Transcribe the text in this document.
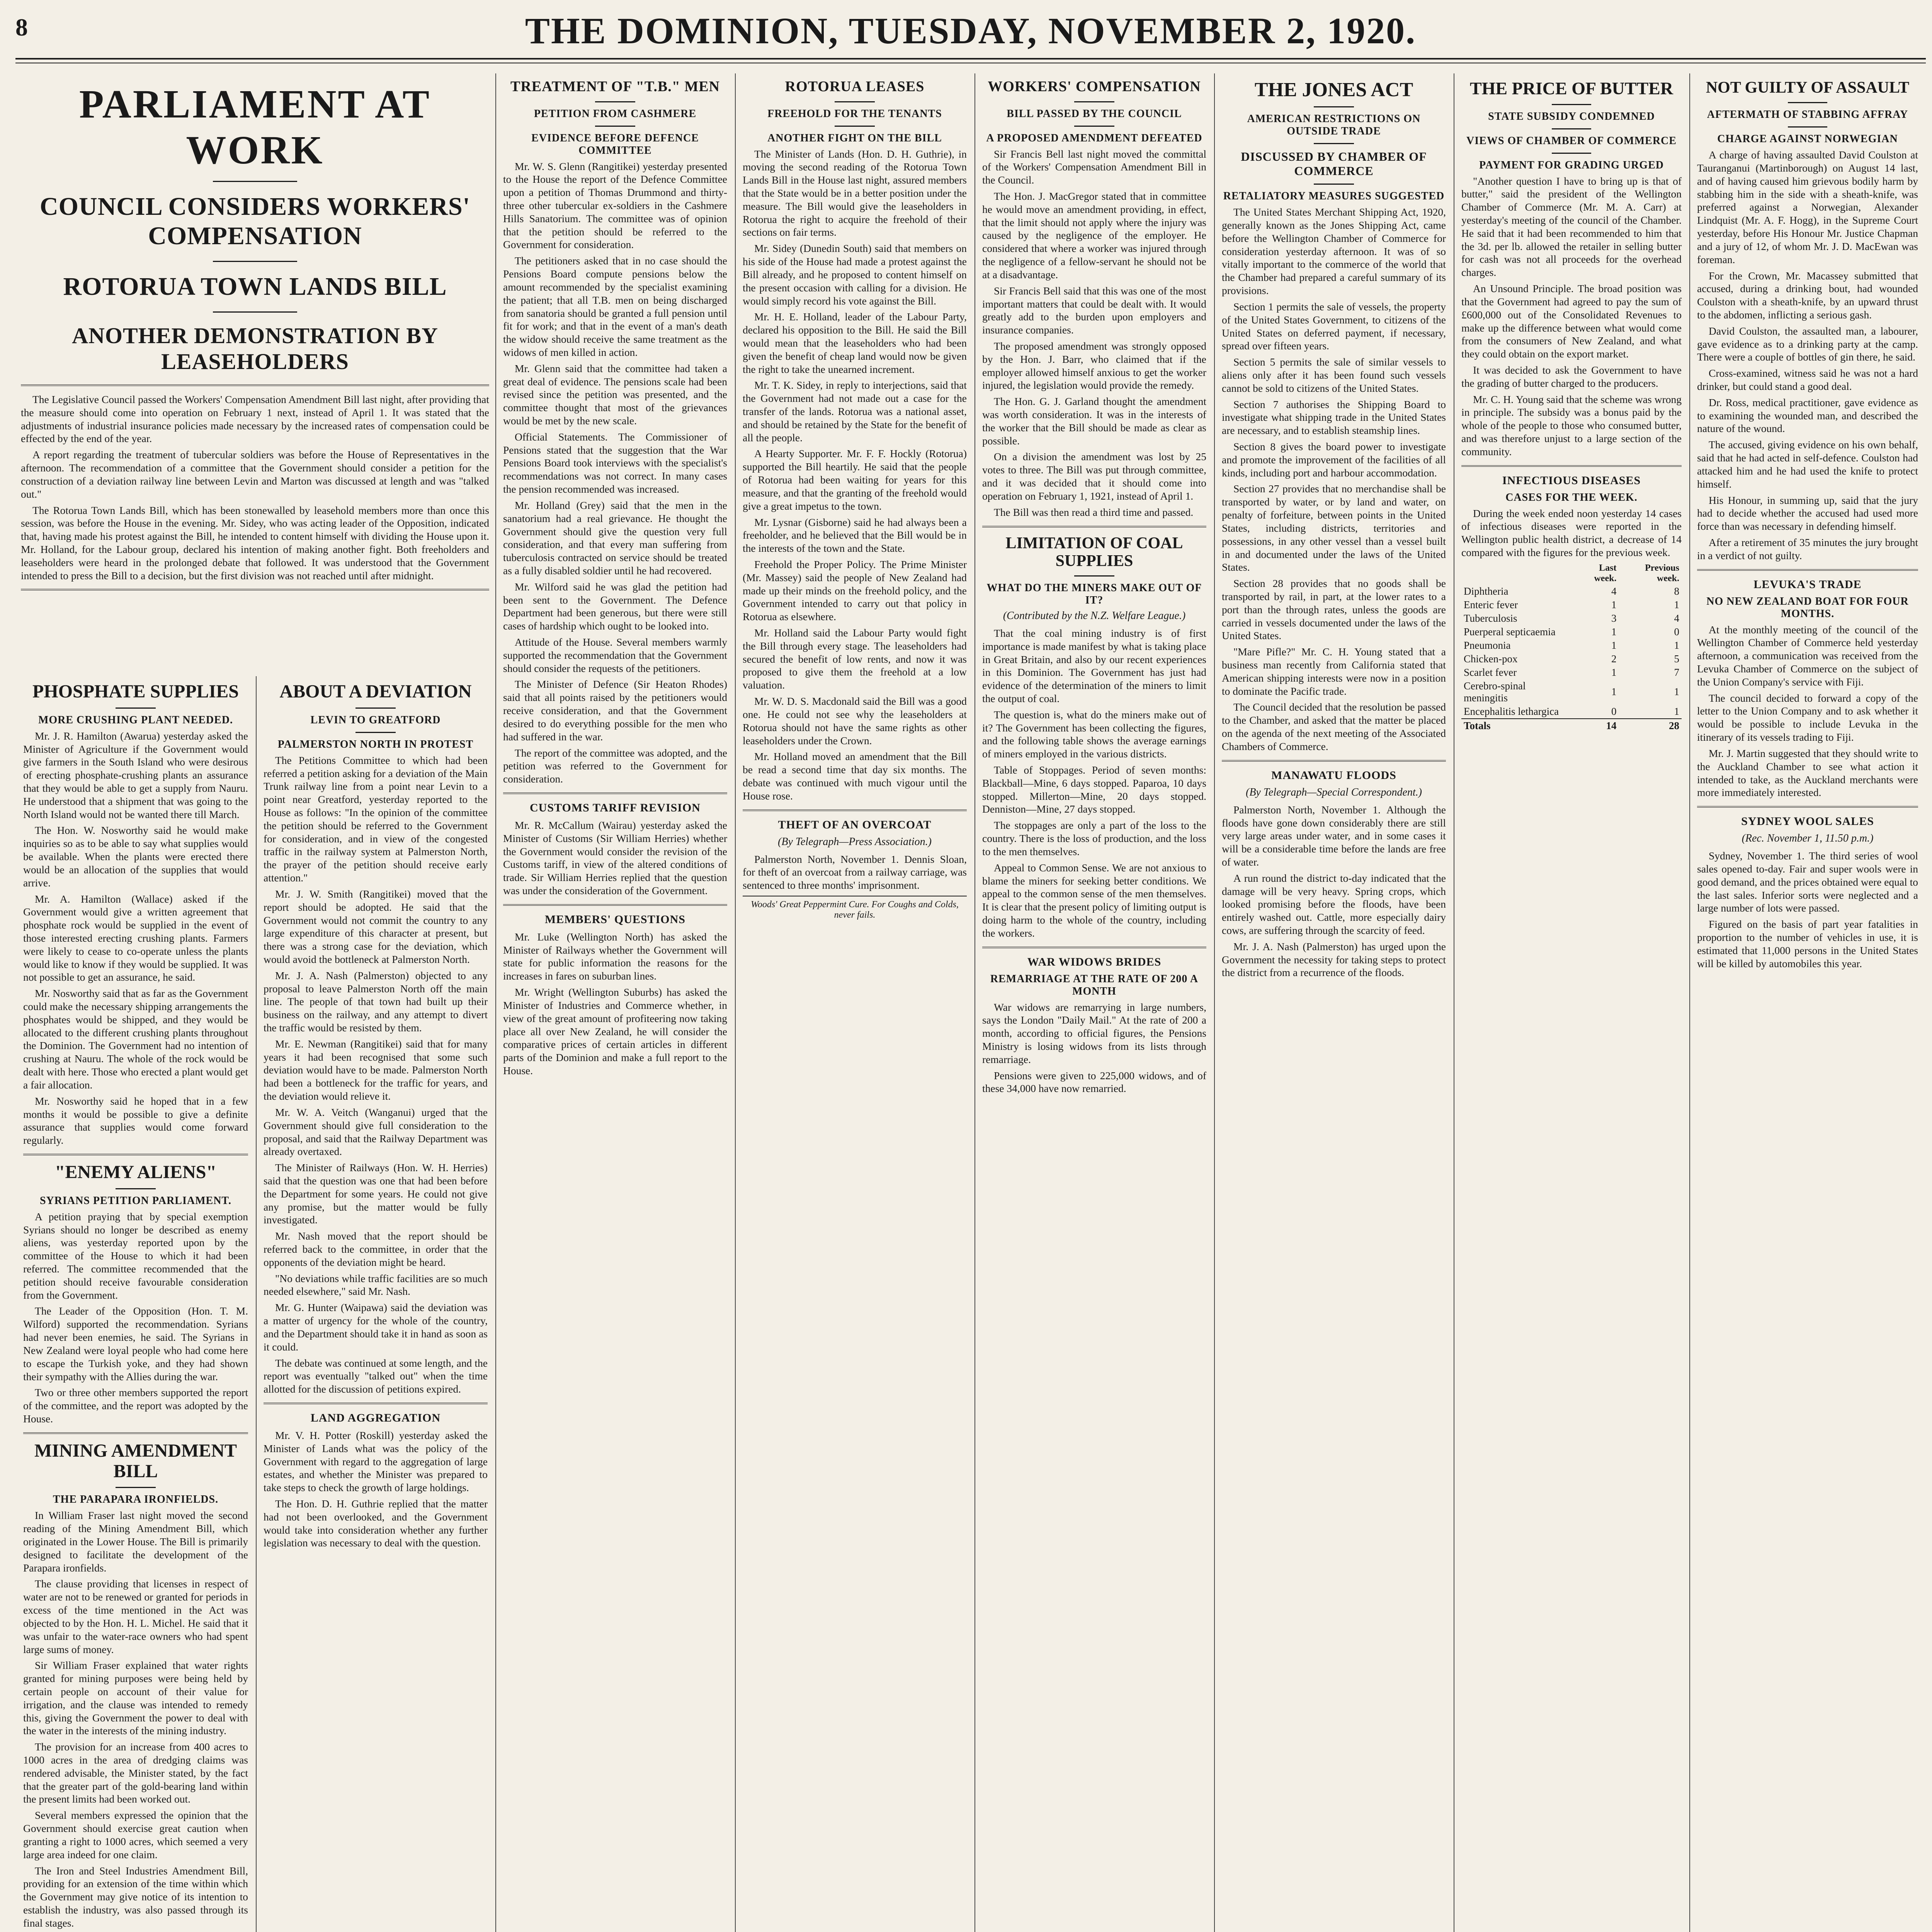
8	THE DOMINION, TUESDAY, NOVEMBER 2, 1920.
PARLIAMENT AT WORK
COUNCIL CONSIDERS WORKERS' COMPENSATION
ROTORUA TOWN LANDS BILL
ANOTHER DEMONSTRATION BY LEASEHOLDERS

The Legislative Council passed the Workers' Compensation Amendment Bill last night, after providing that the measure should come into operation on February 1 next, instead of April 1. It was stated that the adjustments of industrial insurance policies made necessary by the increased rates of compensation could be effected by the end of the year.

A report regarding the treatment of tubercular soldiers was before the House of Representatives in the afternoon. The recommendation of a committee that the Government should consider a petition for the construction of a deviation railway line between Levin and Marton was discussed at length and was "talked out."

The Rotorua Town Lands Bill, which has been stonewalled by leasehold members more than once this session, was before the House in the evening. Mr. Sidey, who was acting leader of the Opposition, indicated that, having made his protest against the Bill, he intended to content himself with dividing the House upon it. Mr. Holland, for the Labour group, declared his intention of making another fight. Both freeholders and leaseholders were heard in the prolonged debate that followed. It was understood that the Government intended to press the Bill to a decision, but the first division was not reached until after midnight.

PHOSPHATE SUPPLIES
MORE CRUSHING PLANT NEEDED.

Mr. J. R. Hamilton (Awarua) yesterday asked the Minister of Agriculture if the Government would give farmers in the South Island who were desirous of erecting phosphate-crushing plants an assurance that they would be able to get a supply from Nauru. He understood that a shipment that was going to the North Island would not be wanted there till March.

The Hon. W. Nosworthy said he would make inquiries so as to be able to say what supplies would be available. When the plants were erected there would be an allocation of the supplies that would arrive.

Mr. A. Hamilton (Wallace) asked if the Government would give a written agreement that phosphate rock would be supplied in the event of those interested erecting crushing plants. Farmers were likely to cease to co-operate unless the plants would like to know if they would be supplied. It was not possible to get an assurance, he said.

Mr. Nosworthy said that as far as the Government could make the necessary shipping arrangements the phosphates would be shipped, and they would be allocated to the different crushing plants throughout the Dominion. The Government had no intention of crushing at Nauru. The whole of the rock would be dealt with here. Those who erected a plant would get a fair allocation.

Mr. Nosworthy said he hoped that in a few months it would be possible to give a definite assurance that supplies would come forward regularly.

"ENEMY ALIENS"
SYRIANS PETITION PARLIAMENT.

A petition praying that by special exemption Syrians should no longer be described as enemy aliens, was yesterday reported upon by the committee of the House to which it had been referred. The committee recommended that the petition should receive favourable consideration from the Government.

The Leader of the Opposition (Hon. T. M. Wilford) supported the recommendation. Syrians had never been enemies, he said. The Syrians in New Zealand were loyal people who had come here to escape the Turkish yoke, and they had shown their sympathy with the Allies during the war.

Two or three other members supported the report of the committee, and the report was adopted by the House.

MINING AMENDMENT BILL
THE PARAPARA IRONFIELDS.

In William Fraser last night moved the second reading of the Mining Amendment Bill, which originated in the Lower House. The Bill is primarily designed to facilitate the development of the Parapara ironfields.

The clause providing that licenses in respect of water are not to be renewed or granted for periods in excess of the time mentioned in the Act was objected to by the Hon. H. L. Michel. He said that it was unfair to the water-race owners who had spent large sums of money.

Sir William Fraser explained that water rights granted for mining purposes were being held by certain people on account of their value for irrigation, and the clause was intended to remedy this, giving the Government the power to deal with the water in the interests of the mining industry.

The provision for an increase from 400 acres to 1000 acres in the area of dredging claims was rendered advisable, the Minister stated, by the fact that the greater part of the gold-bearing land within the present limits had been worked out.

Several members expressed the opinion that the Government should exercise great caution when granting a right to 1000 acres, which seemed a very large area indeed for one claim.

The Iron and Steel Industries Amendment Bill, providing for an extension of the time within which the Government may give notice of its intention to establish the industry, was also passed through its final stages.

ABOUT A DEVIATION
LEVIN TO GREATFORD
PALMERSTON NORTH IN PROTEST

The Petitions Committee to which had been referred a petition asking for a deviation of the Main Trunk railway line from a point near Levin to a point near Greatford, yesterday reported to the House as follows: "In the opinion of the committee the petition should be referred to the Government for consideration, and in view of the congested traffic in the railway system at Palmerston North, the prayer of the petition should receive early attention."

Mr. J. W. Smith (Rangitikei) moved that the report should be adopted. He said that the Government would not commit the country to any large expenditure of this character at present, but there was a strong case for the deviation, which would avoid the bottleneck at Palmerston North.

Mr. J. A. Nash (Palmerston) objected to any proposal to leave Palmerston North off the main line. The people of that town had built up their business on the railway, and any attempt to divert the traffic would be resisted by them.

Mr. E. Newman (Rangitikei) said that for many years it had been recognised that some such deviation would have to be made. Palmerston North had been a bottleneck for the traffic for years, and the deviation would relieve it.

Mr. W. A. Veitch (Wanganui) urged that the Government should give full consideration to the proposal, and said that the Railway Department was already overtaxed.

The Minister of Railways (Hon. W. H. Herries) said that the question was one that had been before the Department for some years. He could not give any promise, but the matter would be fully investigated.

Mr. Nash moved that the report should be referred back to the committee, in order that the opponents of the deviation might be heard.

"No deviations while traffic facilities are so much needed elsewhere," said Mr. Nash.

Mr. G. Hunter (Waipawa) said the deviation was a matter of urgency for the whole of the country, and the Department should take it in hand as soon as it could.

The debate was continued at some length, and the report was eventually "talked out" when the time allotted for the discussion of petitions expired.

LAND AGGREGATION

Mr. V. H. Potter (Roskill) yesterday asked the Minister of Lands what was the policy of the Government with regard to the aggregation of large estates, and whether the Minister was prepared to take steps to check the growth of large holdings.

The Hon. D. H. Guthrie replied that the matter had not been overlooked, and the Government would take into consideration whether any further legislation was necessary to deal with the question.

TREATMENT OF "T.B." MEN
PETITION FROM CASHMERE
EVIDENCE BEFORE DEFENCE COMMITTEE

Mr. W. S. Glenn (Rangitikei) yesterday presented to the House the report of the Defence Committee upon a petition of Thomas Drummond and thirty-three other tubercular ex-soldiers in the Cashmere Hills Sanatorium. The committee was of opinion that the petition should be referred to the Government for consideration.

The petitioners asked that in no case should the Pensions Board compute pensions below the amount recommended by the specialist examining the patient; that all T.B. men on being discharged from sanatoria should be granted a full pension until fit for work; and that in the event of a man's death the widow should receive the same treatment as the widows of men killed in action.

Mr. Glenn said that the committee had taken a great deal of evidence. The pensions scale had been revised since the petition was presented, and the committee thought that most of the grievances would be met by the new scale.

Official Statements. The Commissioner of Pensions stated that the suggestion that the War Pensions Board took interviews with the specialist's recommendations was not correct. In many cases the pension recommended was increased.

Mr. Holland (Grey) said that the men in the sanatorium had a real grievance. He thought the Government should give the question very full consideration, and that every man suffering from tuberculosis contracted on service should be treated as a fully disabled soldier until he had recovered.

Mr. Wilford said he was glad the petition had been sent to the Government. The Defence Department had been generous, but there were still cases of hardship which ought to be looked into.

Attitude of the House. Several members warmly supported the recommendation that the Government should consider the requests of the petitioners.

The Minister of Defence (Sir Heaton Rhodes) said that all points raised by the petitioners would receive consideration, and that the Government desired to do everything possible for the men who had suffered in the war.

The report of the committee was adopted, and the petition was referred to the Government for consideration.

CUSTOMS TARIFF REVISION

Mr. R. McCallum (Wairau) yesterday asked the Minister of Customs (Sir William Herries) whether the Government would consider the revision of the Customs tariff, in view of the altered conditions of trade. Sir William Herries replied that the question was under the consideration of the Government.

MEMBERS' QUESTIONS

Mr. Luke (Wellington North) has asked the Minister of Railways whether the Government will state for public information the reasons for the increases in fares on suburban lines.

Mr. Wright (Wellington Suburbs) has asked the Minister of Industries and Commerce whether, in view of the great amount of profiteering now taking place all over New Zealand, he will consider the comparative prices of certain articles in different parts of the Dominion and make a full report to the House.

ROTORUA LEASES
FREEHOLD FOR THE TENANTS
ANOTHER FIGHT ON THE BILL

The Minister of Lands (Hon. D. H. Guthrie), in moving the second reading of the Rotorua Town Lands Bill in the House last night, assured members that the State would be in a better position under the measure. The Bill would give the leaseholders in Rotorua the right to acquire the freehold of their sections on fair terms.

Mr. Sidey (Dunedin South) said that members on his side of the House had made a protest against the Bill already, and he proposed to content himself on the present occasion with calling for a division. He would simply record his vote against the Bill.

Mr. H. E. Holland, leader of the Labour Party, declared his opposition to the Bill. He said the Bill would mean that the leaseholders who had been given the benefit of cheap land would now be given the right to take the unearned increment.

Mr. T. K. Sidey, in reply to interjections, said that the Government had not made out a case for the transfer of the lands. Rotorua was a national asset, and should be retained by the State for the benefit of all the people.

A Hearty Supporter. Mr. F. F. Hockly (Rotorua) supported the Bill heartily. He said that the people of Rotorua had been waiting for years for this measure, and that the granting of the freehold would give a great impetus to the town.

Mr. Lysnar (Gisborne) said he had always been a freeholder, and he believed that the Bill would be in the interests of the town and the State.

Freehold the Proper Policy. The Prime Minister (Mr. Massey) said the people of New Zealand had made up their minds on the freehold policy, and the Government intended to carry out that policy in Rotorua as elsewhere.

Mr. Holland said the Labour Party would fight the Bill through every stage. The leaseholders had secured the benefit of low rents, and now it was proposed to give them the freehold at a low valuation.

Mr. W. D. S. Macdonald said the Bill was a good one. He could not see why the leaseholders at Rotorua should not have the same rights as other leaseholders under the Crown.

Mr. Holland moved an amendment that the Bill be read a second time that day six months. The debate was continued with much vigour until the House rose.

THEFT OF AN OVERCOAT
(By Telegraph—Press Association.)

Palmerston North, November 1. Dennis Sloan, for theft of an overcoat from a railway carriage, was sentenced to three months' imprisonment.

Woods' Great Peppermint Cure. For Coughs and Colds, never fails.
WORKERS' COMPENSATION
BILL PASSED BY THE COUNCIL
A PROPOSED AMENDMENT DEFEATED

Sir Francis Bell last night moved the committal of the Workers' Compensation Amendment Bill in the Council.

The Hon. J. MacGregor stated that in committee he would move an amendment providing, in effect, that the limit should not apply where the injury was caused by the negligence of the employer. He considered that where a worker was injured through the negligence of a fellow-servant he should not be at a disadvantage.

Sir Francis Bell said that this was one of the most important matters that could be dealt with. It would greatly add to the burden upon employers and insurance companies.

The proposed amendment was strongly opposed by the Hon. J. Barr, who claimed that if the employer allowed himself anxious to get the worker injured, the legislation would provide the remedy.

The Hon. G. J. Garland thought the amendment was worth consideration. It was in the interests of the worker that the Bill should be made as clear as possible.

On a division the amendment was lost by 25 votes to three. The Bill was put through committee, and it was decided that it should come into operation on February 1, 1921, instead of April 1.

The Bill was then read a third time and passed.

LIMITATION OF COAL SUPPLIES
WHAT DO THE MINERS MAKE OUT OF IT?
(Contributed by the N.Z. Welfare League.)

That the coal mining industry is of first importance is made manifest by what is taking place in Great Britain, and also by our recent experiences in this Dominion. The Government has just had evidence of the determination of the miners to limit the output of coal.

The question is, what do the miners make out of it? The Government has been collecting the figures, and the following table shows the average earnings of miners employed in the various districts.

Table of Stoppages. Period of seven months: Blackball—Mine, 6 days stopped. Paparoa, 10 days stopped. Millerton—Mine, 20 days stopped. Denniston—Mine, 27 days stopped.

The stoppages are only a part of the loss to the country. There is the loss of production, and the loss to the men themselves.

Appeal to Common Sense. We are not anxious to blame the miners for seeking better conditions. We appeal to the common sense of the men themselves. It is clear that the present policy of limiting output is doing harm to the whole of the country, including the workers.

WAR WIDOWS BRIDES
REMARRIAGE AT THE RATE OF 200 A MONTH

War widows are remarrying in large numbers, says the London "Daily Mail." At the rate of 200 a month, according to official figures, the Pensions Ministry is losing widows from its lists through remarriage.

Pensions were given to 225,000 widows, and of these 34,000 have now remarried.

THE JONES ACT
AMERICAN RESTRICTIONS ON OUTSIDE TRADE
DISCUSSED BY CHAMBER OF COMMERCE
RETALIATORY MEASURES SUGGESTED

The United States Merchant Shipping Act, 1920, generally known as the Jones Shipping Act, came before the Wellington Chamber of Commerce for consideration yesterday afternoon. It was of so vitally important to the commerce of the world that the Chamber had prepared a careful summary of its provisions.

Section 1 permits the sale of vessels, the property of the United States Government, to citizens of the United States on deferred payment, if necessary, spread over fifteen years.

Section 5 permits the sale of similar vessels to aliens only after it has been found such vessels cannot be sold to citizens of the United States.

Section 7 authorises the Shipping Board to investigate what shipping trade in the United States are necessary, and to establish steamship lines.

Section 8 gives the board power to investigate and promote the improvement of the facilities of all kinds, including port and harbour accommodation.

Section 27 provides that no merchandise shall be transported by water, or by land and water, on penalty of forfeiture, between points in the United States, including districts, territories and possessions, in any other vessel than a vessel built in and documented under the laws of the United States.

Section 28 provides that no goods shall be transported by rail, in part, at the lower rates to a port than the through rates, unless the goods are carried in vessels documented under the laws of the United States.

"Mare Pifle?" Mr. C. H. Young stated that a business man recently from California stated that American shipping interests were now in a position to dominate the Pacific trade.

The Council decided that the resolution be passed to the Chamber, and asked that the matter be placed on the agenda of the next meeting of the Associated Chambers of Commerce.

MANAWATU FLOODS
(By Telegraph—Special Correspondent.)

Palmerston North, November 1. Although the floods have gone down considerably there are still very large areas under water, and in some cases it will be a considerable time before the lands are free of water.

A run round the district to-day indicated that the damage will be very heavy. Spring crops, which looked promising before the floods, have been entirely washed out. Cattle, more especially dairy cows, are suffering through the scarcity of feed.

Mr. J. A. Nash (Palmerston) has urged upon the Government the necessity for taking steps to protect the district from a recurrence of the floods.

THE PRICE OF BUTTER
STATE SUBSIDY CONDEMNED
VIEWS OF CHAMBER OF COMMERCE
PAYMENT FOR GRADING URGED

"Another question I have to bring up is that of butter," said the president of the Wellington Chamber of Commerce (Mr. M. A. Carr) at yesterday's meeting of the council of the Chamber. He said that it had been recommended to him that the 3d. per lb. allowed the retailer in selling butter for cash was not all proceeds for the overhead charges.

An Unsound Principle. The broad position was that the Government had agreed to pay the sum of £600,000 out of the Consolidated Revenues to make up the difference between what would come from the consumers of New Zealand, and what they could obtain on the export market.

It was decided to ask the Government to have the grading of butter charged to the producers.

Mr. C. H. Young said that the scheme was wrong in principle. The subsidy was a bonus paid by the whole of the people to those who consumed butter, and was therefore unjust to a large section of the community.

INFECTIOUS DISEASES
CASES FOR THE WEEK.

During the week ended noon yesterday 14 cases of infectious diseases were reported in the Wellington public health district, a decrease of 14 compared with the figures for the previous week.

	Last week.	Previous week.
Diphtheria	4	8
Enteric fever	1	1
Tuberculosis	3	4
Puerperal septicaemia	1	0
Pneumonia	1	1
Chicken-pox	2	5
Scarlet fever	1	7
Cerebro-spinal meningitis	1	1
Encephalitis lethargica	0	1
Totals	14	28
NOT GUILTY OF ASSAULT
AFTERMATH OF STABBING AFFRAY
CHARGE AGAINST NORWEGIAN

A charge of having assaulted David Coulston at Tauranganui (Martinborough) on August 14 last, and of having caused him grievous bodily harm by stabbing him in the side with a sheath-knife, was preferred against a Norwegian, Alexander Lindquist (Mr. A. F. Hogg), in the Supreme Court yesterday, before His Honour Mr. Justice Chapman and a jury of 12, of whom Mr. J. D. MacEwan was foreman.

For the Crown, Mr. Macassey submitted that accused, during a drinking bout, had wounded Coulston with a sheath-knife, by an upward thrust to the abdomen, inflicting a serious gash.

David Coulston, the assaulted man, a labourer, gave evidence as to a drinking party at the camp. There were a couple of bottles of gin there, he said.

Cross-examined, witness said he was not a hard drinker, but could stand a good deal.

Dr. Ross, medical practitioner, gave evidence as to examining the wounded man, and described the nature of the wound.

The accused, giving evidence on his own behalf, said that he had acted in self-defence. Coulston had attacked him and he had used the knife to protect himself.

His Honour, in summing up, said that the jury had to decide whether the accused had used more force than was necessary in defending himself.

After a retirement of 35 minutes the jury brought in a verdict of not guilty.

LEVUKA'S TRADE
NO NEW ZEALAND BOAT FOR FOUR MONTHS.

At the monthly meeting of the council of the Wellington Chamber of Commerce held yesterday afternoon, a communication was received from the Levuka Chamber of Commerce on the subject of the Union Company's service with Fiji.

The council decided to forward a copy of the letter to the Union Company and to ask whether it would be possible to include Levuka in the itinerary of its vessels trading to Fiji.

Mr. J. Martin suggested that they should write to the Auckland Chamber to see what action it intended to take, as the Auckland merchants were more immediately interested.

SYDNEY WOOL SALES
(Rec. November 1, 11.50 p.m.)

Sydney, November 1. The third series of wool sales opened to-day. Fair and super wools were in good demand, and the prices obtained were equal to the last sales. Inferior sorts were neglected and a large number of lots were passed.

Figured on the basis of part year fatalities in proportion to the number of vehicles in use, it is estimated that 11,000 persons in the United States will be killed by automobiles this year.
